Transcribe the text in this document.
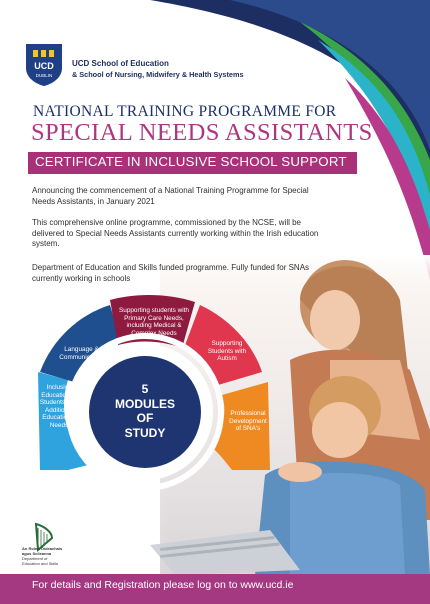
UCD
DUBLIN
UCD School of Education
& School of Nursing, Midwifery & Health Systems
NATIONAL TRAINING PROGRAMME FOR
SPECIAL NEEDS ASSISTANTS
CERTIFICATE IN INCLUSIVE SCHOOL SUPPORT
Announcing the commencement of a National Training Programme for Special Needs Assistants, in January 2021
This comprehensive online programme, commissioned by the NCSE, will be delivered to Special Needs Assistants currently working within the Irish education system.
Department of Education and Skills funded programme. Fully funded for SNAs currently working in schools
Inclusive Education of Students with Additional Educational Needs
Language & Communication
Supporting students with Primary Care Needs, including Medical & Complex Needs
Supporting Students with Autism
Professional Development of SNA's
5
MODULES
OF
STUDY
An Roinn Oideachais
agus Scileanna
Department of
Education and Skills
For details and Registration please log on to www.ucd.ie
